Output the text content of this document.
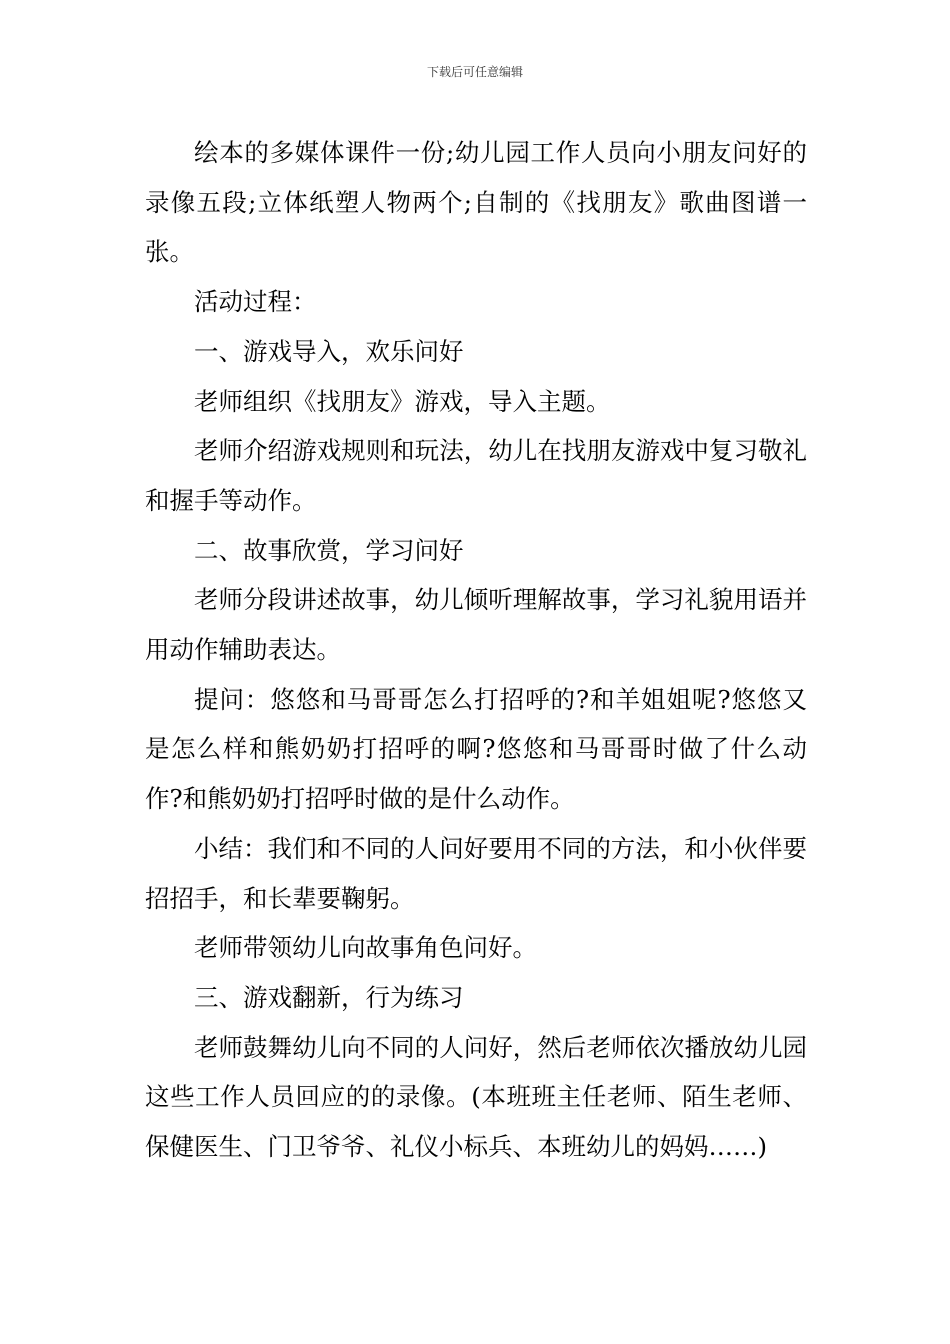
下载后可任意编辑

绘本的多媒体课件一份;幼儿园工作人员向小朋友问好的录像五段;立体纸塑人物两个;自制的《找朋友》歌曲图谱一张。

活动过程：

一、游戏导入，欢乐问好

老师组织《找朋友》游戏，导入主题。

老师介绍游戏规则和玩法，幼儿在找朋友游戏中复习敬礼和握手等动作。

二、故事欣赏，学习问好

老师分段讲述故事，幼儿倾听理解故事，学习礼貌用语并用动作辅助表达。

提问：悠悠和马哥哥怎么打招呼的?和羊姐姐呢?悠悠又是怎么样和熊奶奶打招呼的啊?悠悠和马哥哥时做了什么动作?和熊奶奶打招呼时做的是什么动作。

小结：我们和不同的人问好要用不同的方法，和小伙伴要招招手，和长辈要鞠躬。

老师带领幼儿向故事角色问好。

三、游戏翻新，行为练习

老师鼓舞幼儿向不同的人问好，然后老师依次播放幼儿园这些工作人员回应的的录像。(本班班主任老师、陌生老师、保健医生、门卫爷爷、礼仪小标兵、本班幼儿的妈妈……)
